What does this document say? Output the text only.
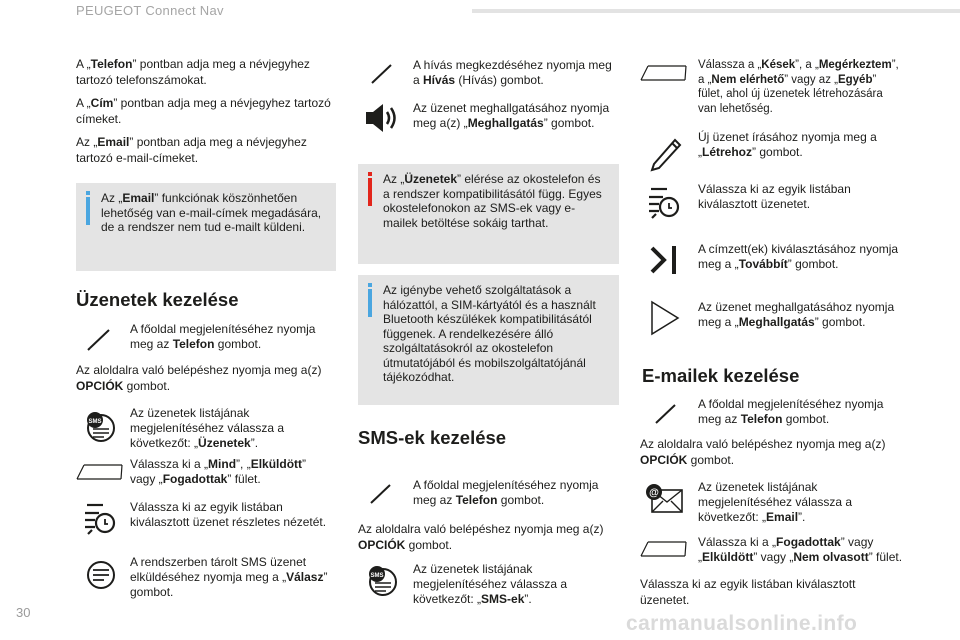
PEUGEOT Connect Nav
A „Telefon” pontban adja meg a névjegyhez tartozó telefonszámokat.
A „Cím” pontban adja meg a névjegyhez tartozó címeket.
Az „Email” pontban adja meg a névjegyhez tartozó e-mail-címeket.
Az „Email” funkciónak köszönhetően lehetőség van e-mail-címek megadására, de a rendszer nem tud e-mailt küldeni.
Üzenetek kezelése
A főoldal megjelenítéséhez nyomja meg az Telefon gombot.
Az aloldalra való belépéshez nyomja meg a(z) OPCIÓK gombot.
SMS
Az üzenetek listájának megjelenítéséhez válassza a következőt: „Üzenetek”.
Válassza ki a „Mind”, „Elküldött” vagy „Fogadottak” fület.
Válassza ki az egyik listában kiválasztott üzenet részletes nézetét.
A rendszerben tárolt SMS üzenet elküldéséhez nyomja meg a „Válasz” gombot.
A hívás megkezdéséhez nyomja meg a Hívás (Hívás) gombot.
Az üzenet meghallgatásához nyomja meg a(z) „Meghallgatás” gombot.
Az „Üzenetek” elérése az okostelefon és a rendszer kompatibilitásától függ. Egyes okostelefonokon az SMS-ek vagy e-mailek betöltése sokáig tarthat.
Az igénybe vehető szolgáltatások a hálózattól, a SIM-kártyától és a használt Bluetooth készülékek kompatibilitásától függenek. A rendelkezésére álló szolgáltatásokról az okostelefon útmutatójából és mobilszolgáltatójánál tájékozódhat.
SMS-ek kezelése
A főoldal megjelenítéséhez nyomja meg az Telefon gombot.
Az aloldalra való belépéshez nyomja meg a(z) OPCIÓK gombot.
SMS Az üzenetek listájának megjelenítéséhez válassza a következőt: „SMS-ek”.
Válassza a „Kések”, a „Megérkeztem”, a „Nem elérhető” vagy az „Egyéb” fület, ahol új üzenetek létrehozására van lehetőség.
Új üzenet írásához nyomja meg a „Létrehoz” gombot.
Válassza ki az egyik listában kiválasztott üzenetet.
A címzett(ek) kiválasztásához nyomja meg a „Továbbít” gombot.
Az üzenet meghallgatásához nyomja meg a „Meghallgatás” gombot.
E-mailek kezelése
A főoldal megjelenítéséhez nyomja meg az Telefon gombot.
Az aloldalra való belépéshez nyomja meg a(z) OPCIÓK gombot.
@	Az üzenetek listájának megjelenítéséhez válassza a következőt: „Email”.
Válassza ki a „Fogadottak” vagy „Elküldött” vagy „Nem olvasott” fület.
Válassza ki az egyik listában kiválasztott üzenetet.
30	carmanualsonline.info
